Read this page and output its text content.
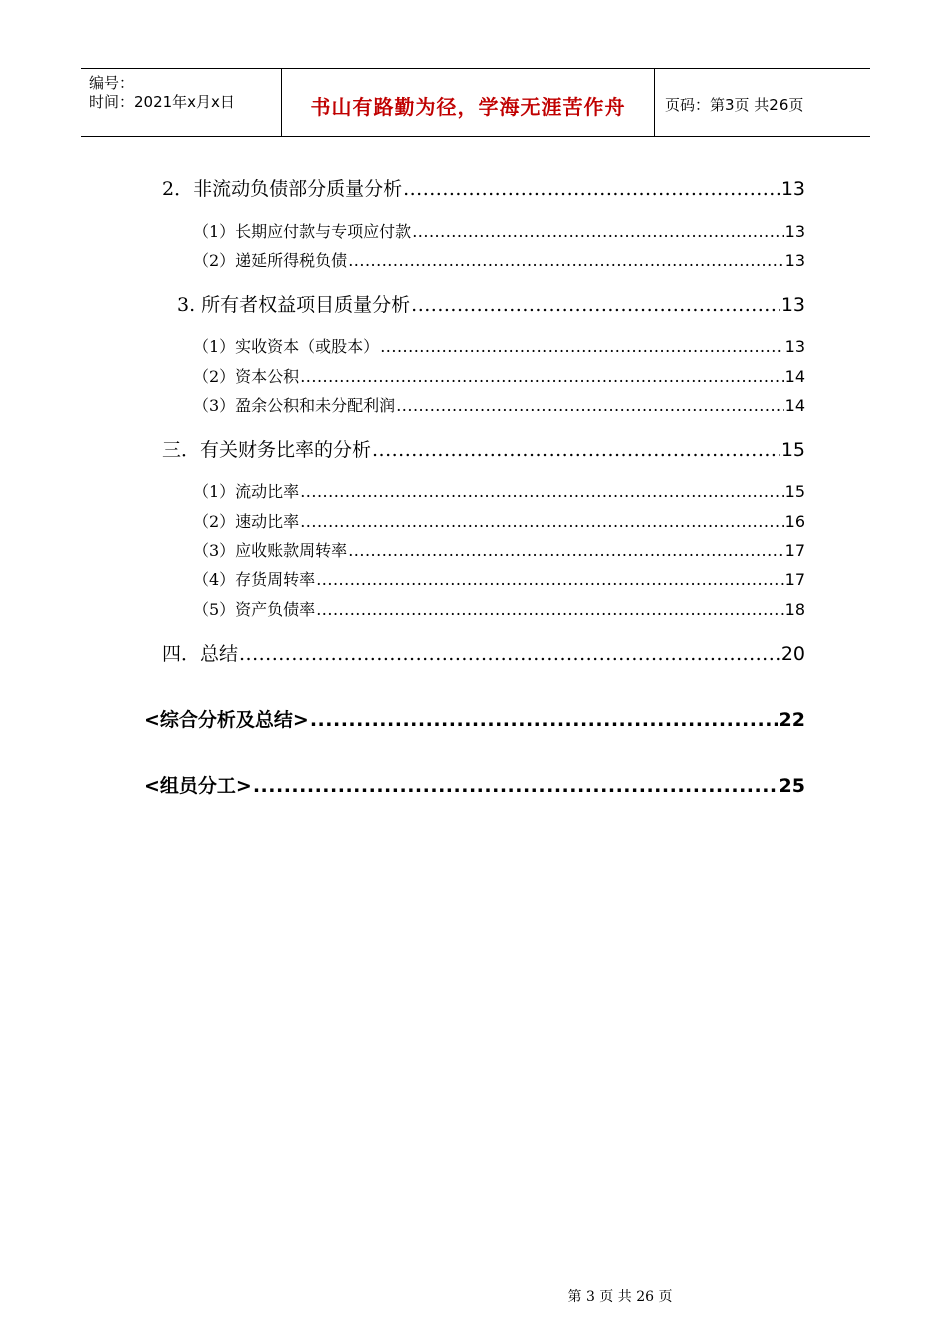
编号：
时间：2021年x月x日	书山有路勤为径，学海无涯苦作舟	页码：第3页 共26页
2．非流动负债部分质量分析 .....	13
（1）长期应付款与专项应付款 .....	13
（2）递延所得税负债 .....	13
3. 所有者权益项目质量分析 .....	13
（1）实收资本（或股本） .....	13
（2）资本公积 .....	14
（3）盈余公积和未分配利润 .....	14
三．有关财务比率的分析 .....	15
（1）流动比率 .....	15
（2）速动比率 .....	16
（3）应收账款周转率 .....	17
（4）存货周转率 .....	17
（5）资产负债率 .....	18
四．总结 .....	20
<综合分析及总结> .....	22
<组员分工> .....	25
第 3 页 共 26 页
